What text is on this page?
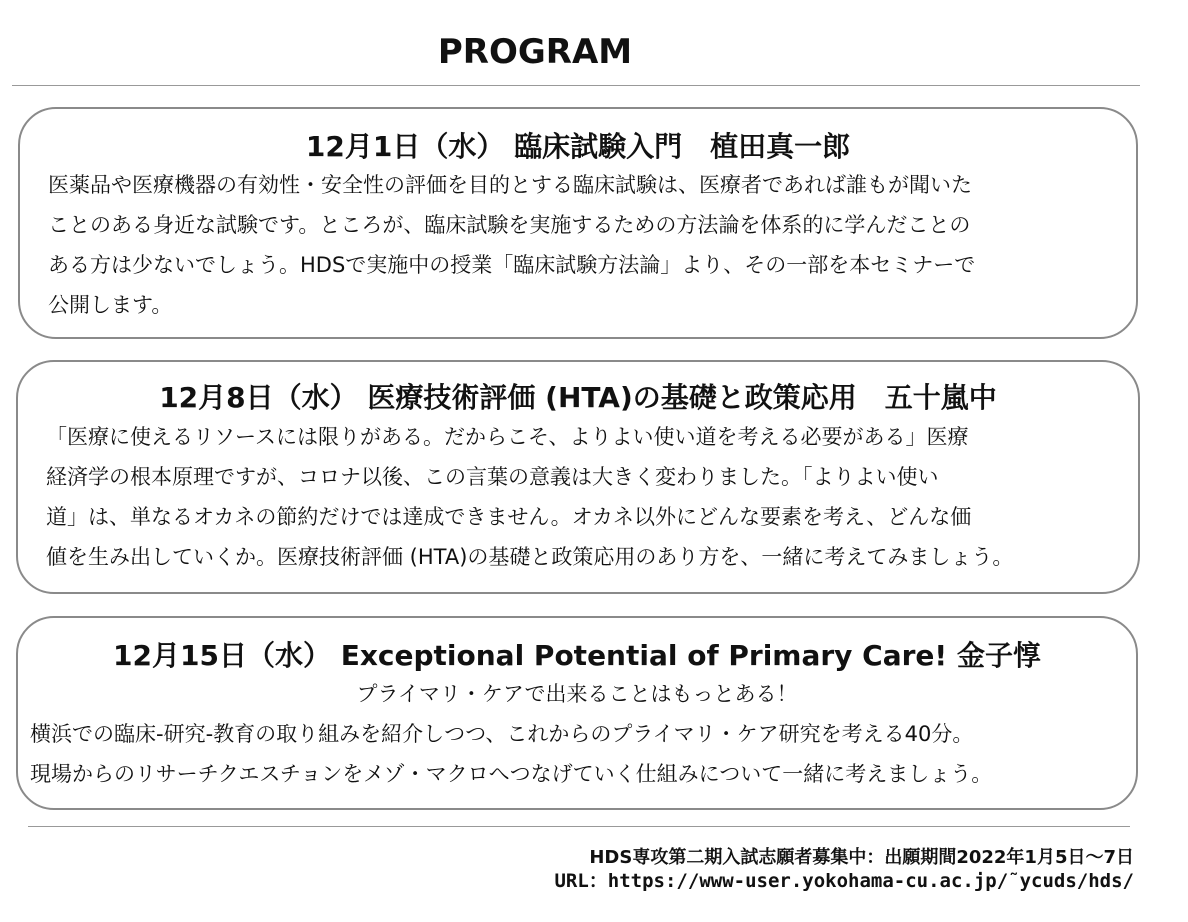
PROGRAM
12月1日（水） 臨床試験入門　植田真一郎
医薬品や医療機器の有効性・安全性の評価を目的とする臨床試験は、医療者であれば誰もが聞いた
ことのある身近な試験です。ところが、臨床試験を実施するための方法論を体系的に学んだことの
ある方は少ないでしょう。HDSで実施中の授業「臨床試験方法論」より、その一部を本セミナーで
公開します。
12月8日（水） 医療技術評価 (HTA)の基礎と政策応用　五十嵐中
「医療に使えるリソースには限りがある。だからこそ、よりよい使い道を考える必要がある」医療
経済学の根本原理ですが、コロナ以後、この言葉の意義は大きく変わりました。「よりよい使い
道」は、単なるオカネの節約だけでは達成できません。オカネ以外にどんな要素を考え、どんな価
値を生み出していくか。医療技術評価 (HTA)の基礎と政策応用のあり方を、一緒に考えてみましょう。
12月15日（水） Exceptional Potential of Primary Care! 金子惇
プライマリ・ケアで出来ることはもっとある！
横浜での臨床-研究-教育の取り組みを紹介しつつ、これからのプライマリ・ケア研究を考える40分。
現場からのリサーチクエスチョンをメゾ・マクロへつなげていく仕組みについて一緒に考えましょう。
HDS専攻第二期入試志願者募集中：出願期間2022年1月5日〜7日
URL：https://www-user.yokohama-cu.ac.jp/˜ycuds/hds/
